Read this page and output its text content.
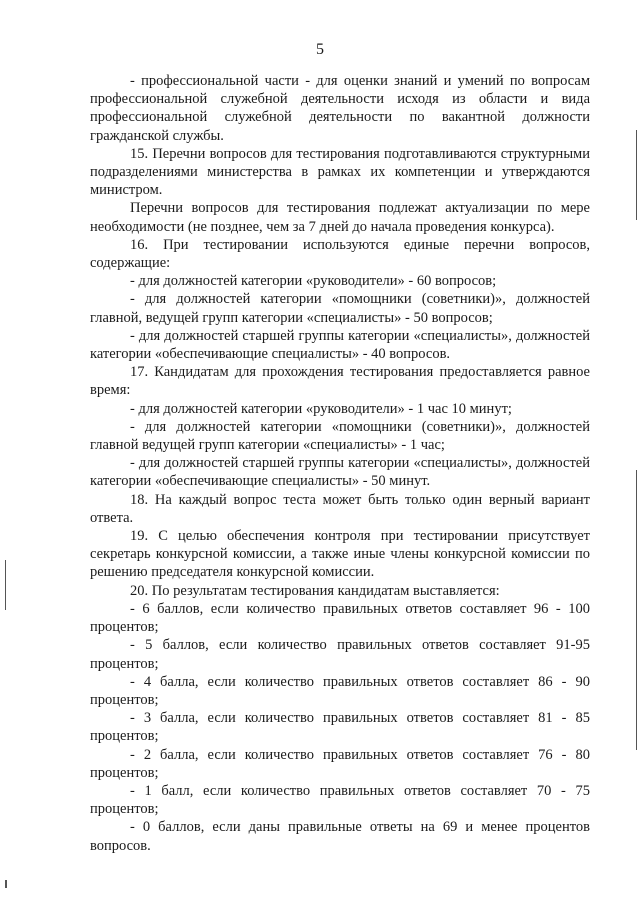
5

- профессиональной части - для оценки знаний и умений по вопросам профессиональной служебной деятельности исходя из области и вида профессиональной служебной деятельности по вакантной должности гражданской службы.

15. Перечни вопросов для тестирования подготавливаются структурными подразделениями министерства в рамках их компетенции и утверждаются министром.

Перечни вопросов для тестирования подлежат актуализации по мере необходимости (не позднее, чем за 7 дней до начала проведения конкурса).

16. При тестировании используются единые перечни вопросов, содержащие:

- для должностей категории «руководители» - 60 вопросов;

- для должностей категории «помощники (советники)», должностей главной, ведущей групп категории «специалисты» - 50 вопросов;

- для должностей старшей группы категории «специалисты», должностей категории «обеспечивающие специалисты» - 40 вопросов.

17. Кандидатам для прохождения тестирования предоставляется равное время:

- для должностей категории «руководители» - 1 час 10 минут;

- для должностей категории «помощники (советники)», должностей главной ведущей групп категории «специалисты» - 1 час;

- для должностей старшей группы категории «специалисты», должностей категории «обеспечивающие специалисты» - 50 минут.

18. На каждый вопрос теста может быть только один верный вариант ответа.

19. С целью обеспечения контроля при тестировании присутствует секретарь конкурсной комиссии, а также иные члены конкурсной комиссии по решению председателя конкурсной комиссии.

20. По результатам тестирования кандидатам выставляется:

- 6 баллов, если количество правильных ответов составляет 96 - 100 процентов;

- 5 баллов, если количество правильных ответов составляет 91-95 процентов;

- 4 балла, если количество правильных ответов составляет 86 - 90 процентов;

- 3 балла, если количество правильных ответов составляет 81 - 85 процентов;

- 2 балла, если количество правильных ответов составляет 76 - 80 процентов;

- 1 балл, если количество правильных ответов составляет 70 - 75 процентов;

- 0 баллов, если даны правильные ответы на 69 и менее процентов вопросов.
